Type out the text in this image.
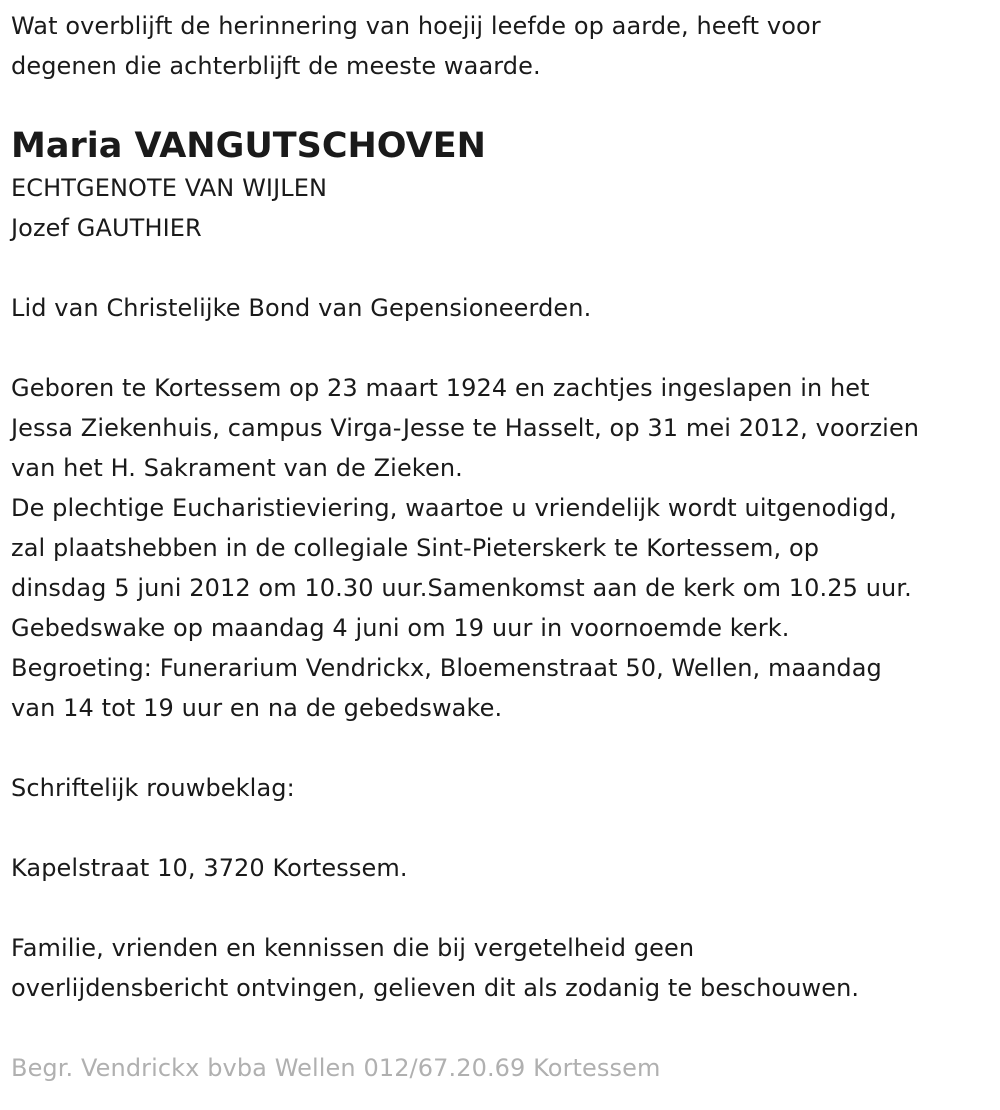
Wat overblijft de herinnering van hoejij leefde op aarde, heeft voor
degenen die achterblijft de meeste waarde.
Maria VANGUTSCHOVEN
ECHTGENOTE VAN WIJLEN
Jozef GAUTHIER
Lid van Christelijke Bond van Gepensioneerden.
Geboren te Kortessem op 23 maart 1924 en zachtjes ingeslapen in het
Jessa Ziekenhuis, campus Virga-Jesse te Hasselt, op 31 mei 2012, voorzien
van het H. Sakrament van de Zieken.
De plechtige Eucharistieviering, waartoe u vriendelijk wordt uitgenodigd,
zal plaatshebben in de collegiale Sint-Pieterskerk te Kortessem, op
dinsdag 5 juni 2012 om 10.30 uur.Samenkomst aan de kerk om 10.25 uur.
Gebedswake op maandag 4 juni om 19 uur in voornoemde kerk.
Begroeting: Funerarium Vendrickx, Bloemenstraat 50, Wellen, maandag
van 14 tot 19 uur en na de gebedswake.
Schriftelijk rouwbeklag:
Kapelstraat 10, 3720 Kortessem.
Familie, vrienden en kennissen die bij vergetelheid geen
overlijdensbericht ontvingen, gelieven dit als zodanig te beschouwen.
Begr. Vendrickx bvba Wellen 012/67.20.69 Kortessem
